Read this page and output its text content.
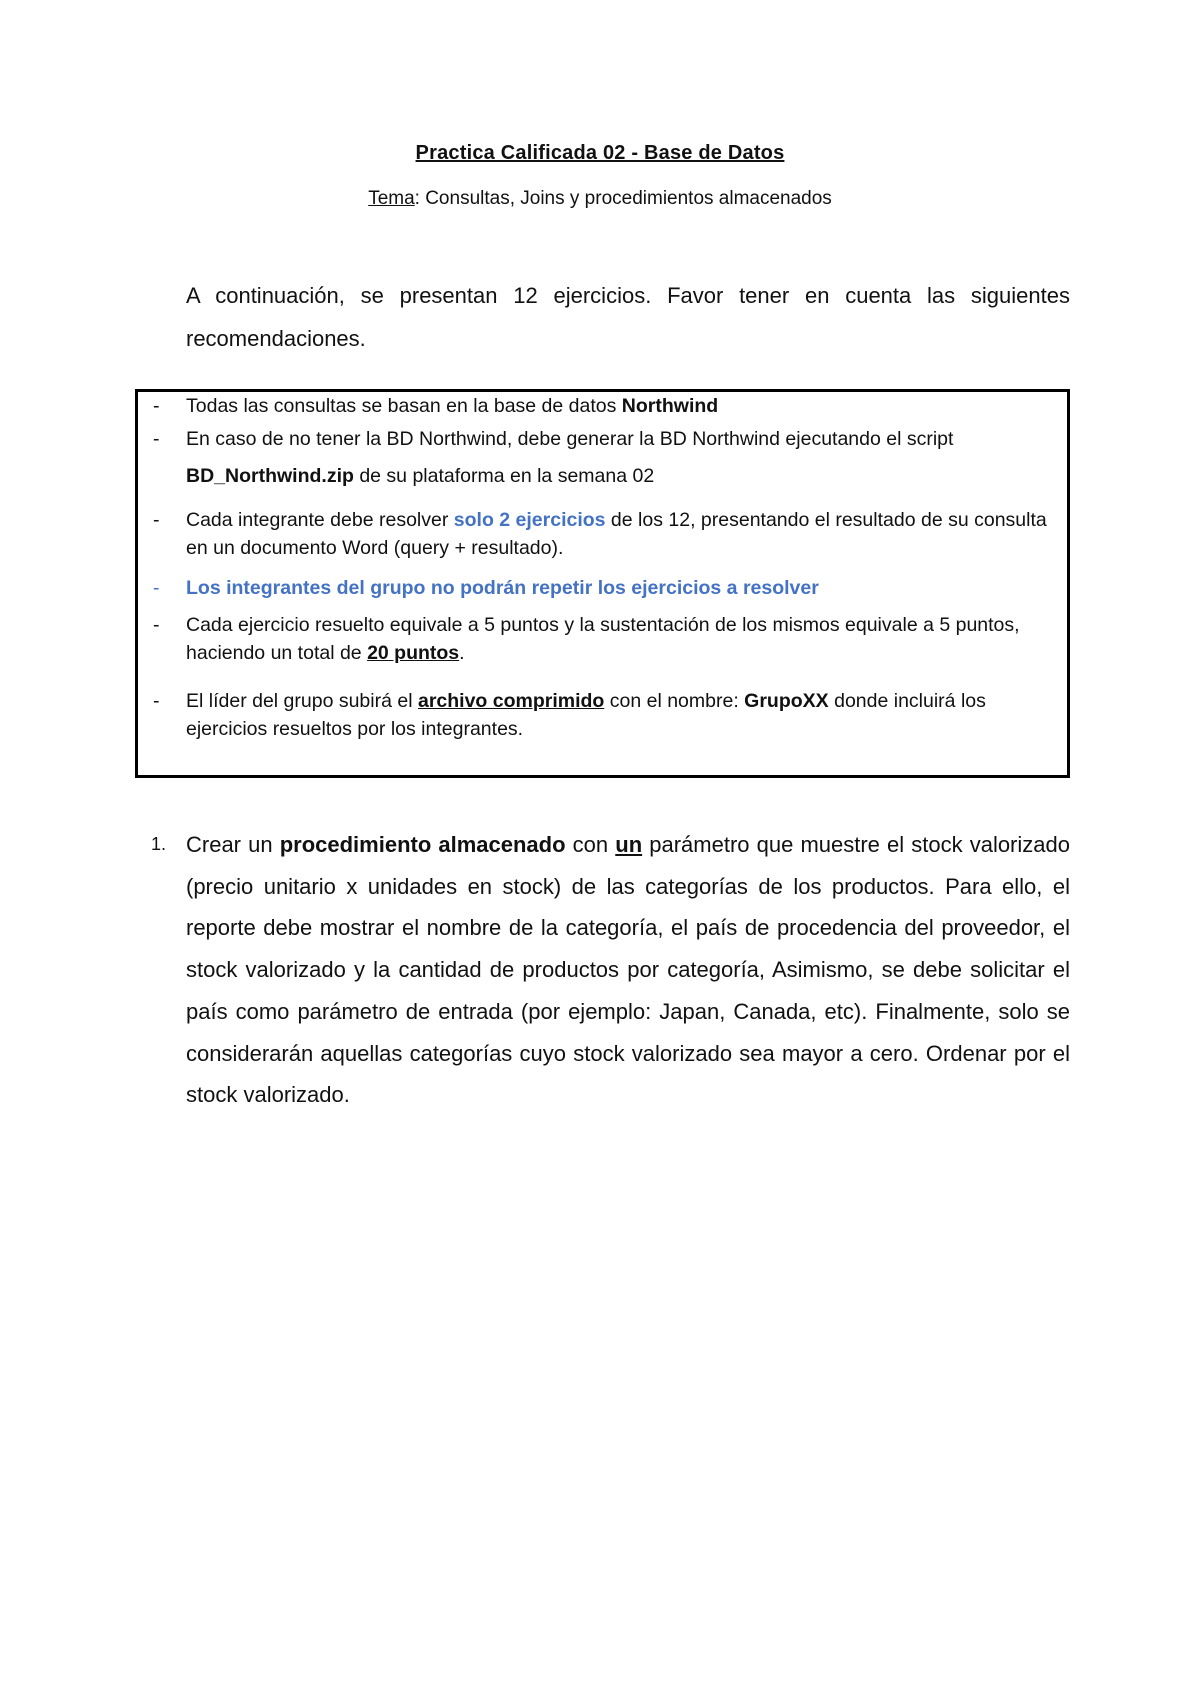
Practica Calificada 02 - Base de Datos
Tema: Consultas, Joins y procedimientos almacenados
A continuación, se presentan 12 ejercicios. Favor tener en cuenta las siguientes recomendaciones.
- Todas las consultas se basan en la base de datos Northwind
- En caso de no tener la BD Northwind, debe generar la BD Northwind ejecutando el script
BD_Northwind.zip de su plataforma en la semana 02
- Cada integrante debe resolver solo 2 ejercicios de los 12, presentando el resultado de su consulta en un documento Word (query + resultado).
- Los integrantes del grupo no podrán repetir los ejercicios a resolver
- Cada ejercicio resuelto equivale a 5 puntos y la sustentación de los mismos equivale a 5 puntos, haciendo un total de 20 puntos.
- El líder del grupo subirá el archivo comprimido con el nombre: GrupoXX donde incluirá los ejercicios resueltos por los integrantes.
1. Crear un procedimiento almacenado con un parámetro que muestre el stock valorizado (precio unitario x unidades en stock) de las categorías de los productos. Para ello, el reporte debe mostrar el nombre de la categoría, el país de procedencia del proveedor, el stock valorizado y la cantidad de productos por categoría, Asimismo, se debe solicitar el país como parámetro de entrada (por ejemplo: Japan, Canada, etc). Finalmente, solo se considerarán aquellas categorías cuyo stock valorizado sea mayor a cero. Ordenar por el stock valorizado.
